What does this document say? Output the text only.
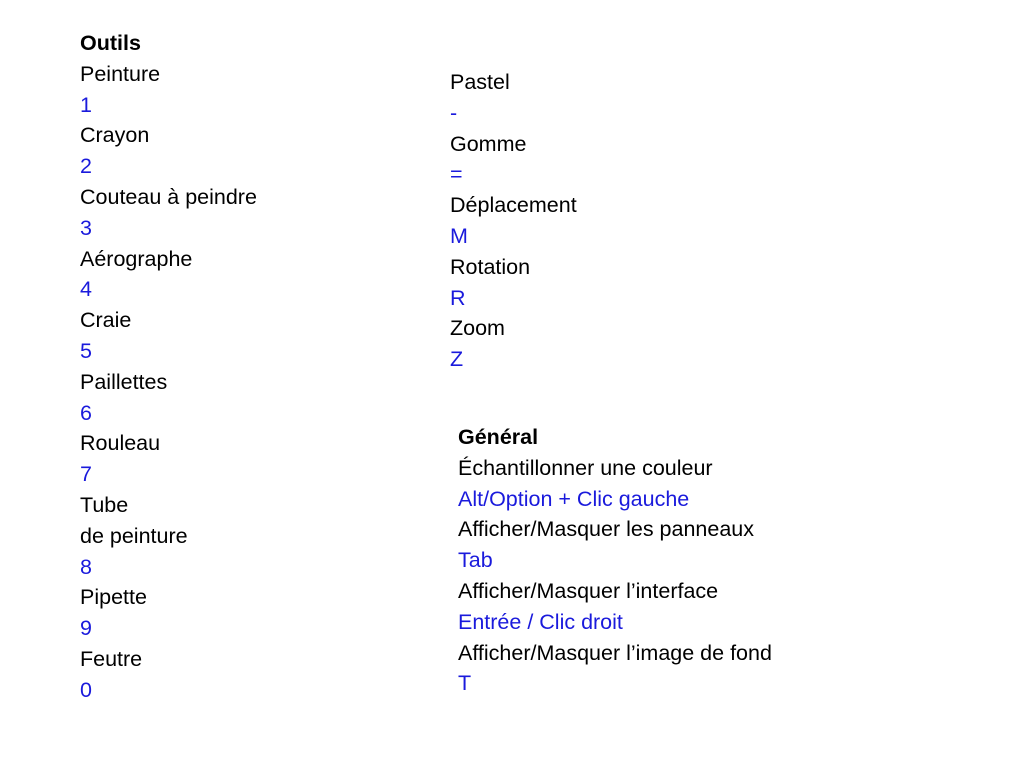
Outils
Peinture
1
Crayon
2
Couteau à peindre
3
Aérographe
4
Craie
5
Paillettes
6
Rouleau
7
Tube
de peinture
8
Pipette
9
Feutre
0
Pastel
-
Gomme
=
Déplacement
M
Rotation
R
Zoom
Z
Général
Échantillonner une couleur
Alt/Option + Clic gauche
Afficher/Masquer les panneaux
Tab
Afficher/Masquer l’interface
Entrée / Clic droit
Afficher/Masquer l’image de fond
T
